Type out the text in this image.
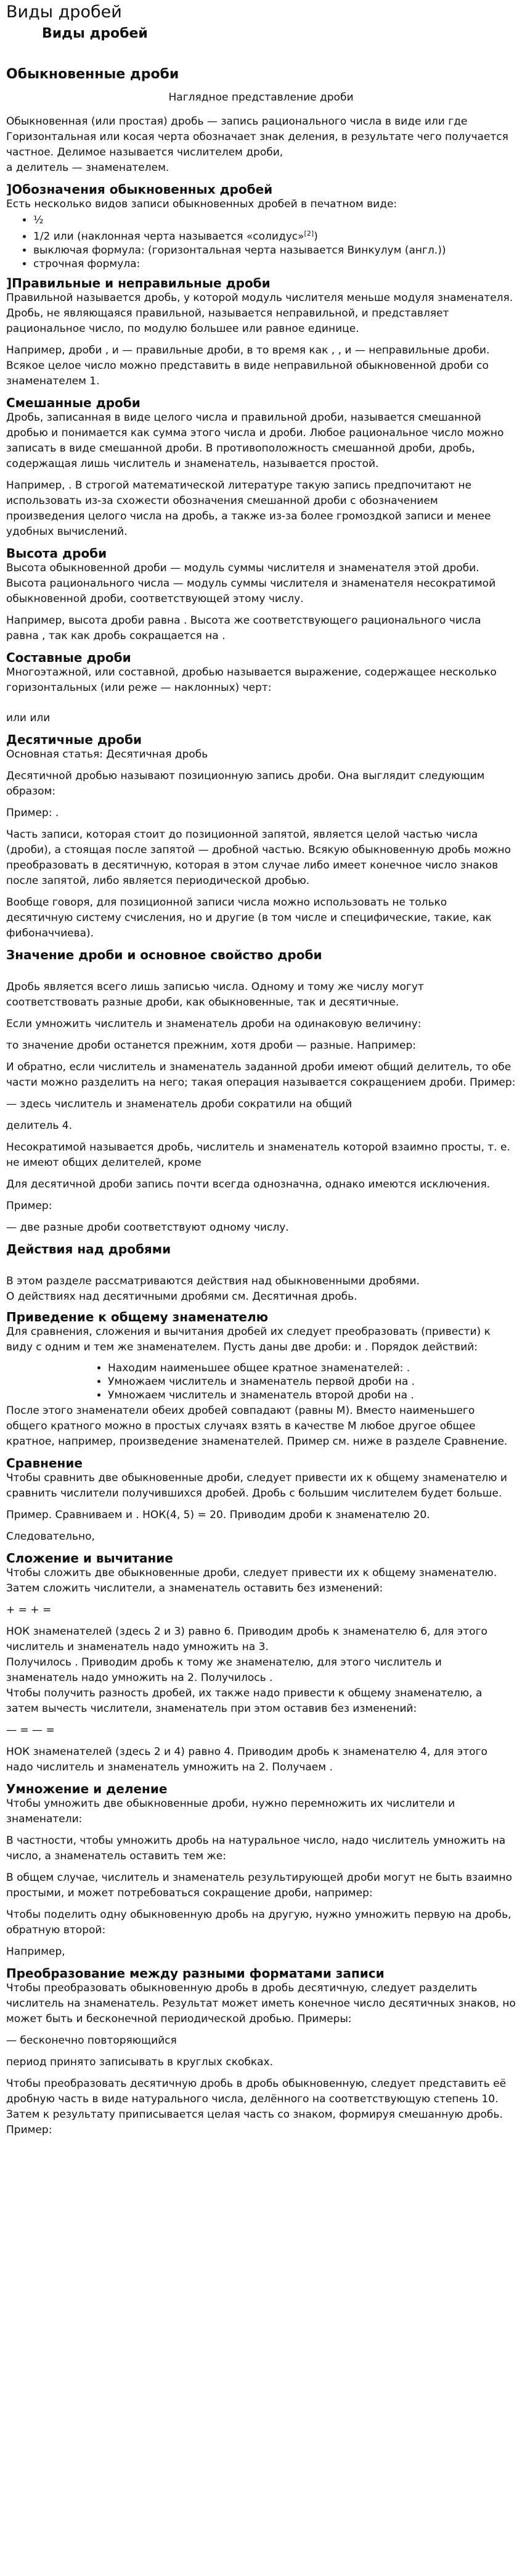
Виды дробей
Виды дробей
Обыкновенные дроби

Наглядное представление дроби

Обыкновенная (или простая) дробь — запись рационального числа в виде или где Горизонтальная или косая черта обозначает знак деления, в результате чего получается частное. Делимое называется числителем дроби,

а делитель — знаменателем.

]Обозначения обыкновенных дробей

Есть несколько видов записи обыкновенных дробей в печатном виде:

• ½
• 1/2 или (наклонная черта называется «солидус»[2])
• выключая формула: (горизонтальная черта называется Винкулум (англ.))
• строчная формула:
]Правильные и неправильные дроби

Правильной называется дробь, у которой модуль числителя меньше модуля знаменателя. Дробь, не являющаяся правильной, называется неправильной, и представляет рациональное число, по модулю большее или равное единице.

Например, дроби , и — правильные дроби, в то время как , , и — неправильные дроби. Всякое целое число можно представить в виде неправильной обыкновенной дроби со знаменателем 1.

Смешанные дроби

Дробь, записанная в виде целого числа и правильной дроби, называется смешанной дробью и понимается как сумма этого числа и дроби. Любое рациональное число можно записать в виде смешанной дроби. В противоположность смешанной дроби, дробь, содержащая лишь числитель и знаменатель, называется простой.

Например, . В строгой математической литературе такую запись предпочитают не использовать из-за схожести обозначения смешанной дроби с обозначением произведения целого числа на дробь, а также из-за более громоздкой записи и менее удобных вычислений.

Высота дроби

Высота обыкновенной дроби — модуль суммы числителя и знаменателя этой дроби. Высота рационального числа — модуль суммы числителя и знаменателя несократимой обыкновенной дроби, соответствующей этому числу.

Например, высота дроби равна . Высота же соответствующего рационального числа равна , так как дробь сокращается на .

Составные дроби

Многоэтажной, или составной, дробью называется выражение, содержащее несколько горизонтальных (или реже — наклонных) черт:

или или

Десятичные дроби

Основная статья: Десятичная дробь

Десятичной дробью называют позиционную запись дроби. Она выглядит следующим образом:

Пример: .

Часть записи, которая стоит до позиционной запятой, является целой частью числа (дроби), а стоящая после запятой — дробной частью. Всякую обыкновенную дробь можно преобразовать в десятичную, которая в этом случае либо имеет конечное число знаков после запятой, либо является периодической дробью.

Вообще говоря, для позиционной записи числа можно использовать не только десятичную систему счисления, но и другие (в том числе и специфические, такие, как фибоначчиева).

Значение дроби и основное свойство дроби

Дробь является всего лишь записью числа. Одному и тому же числу могут соответствовать разные дроби, как обыкновенные, так и десятичные.

Если умножить числитель и знаменатель дроби на одинаковую величину:

то значение дроби останется прежним, хотя дроби — разные. Например:

И обратно, если числитель и знаменатель заданной дроби имеют общий делитель, то обе части можно разделить на него; такая операция называется сокращением дроби. Пример:

— здесь числитель и знаменатель дроби сократили на общий

делитель 4.

Несократимой называется дробь, числитель и знаменатель которой взаимно просты, т. е. не имеют общих делителей, кроме

Для десятичной дроби запись почти всегда однозначна, однако имеются исключения.

Пример:

— две разные дроби соответствуют одному числу.

Действия над дробями

В этом разделе рассматриваются действия над обыкновенными дробями.

О действиях над десятичными дробями см. Десятичная дробь.

Приведение к общему знаменателю

Для сравнения, сложения и вычитания дробей их следует преобразовать (привести) к виду с одним и тем же знаменателем. Пусть даны две дроби: и . Порядок действий:

• Находим наименьшее общее кратное знаменателей: .
• Умножаем числитель и знаменатель первой дроби на .
• Умножаем числитель и знаменатель второй дроби на .

После этого знаменатели обеих дробей совпадают (равны M). Вместо наименьшего общего кратного можно в простых случаях взять в качестве M любое другое общее кратное, например, произведение знаменателей. Пример см. ниже в разделе Сравнение.

Сравнение

Чтобы сравнить две обыкновенные дроби, следует привести их к общему знаменателю и сравнить числители получившихся дробей. Дробь с большим числителем будет больше.

Пример. Сравниваем и . НОК(4, 5) = 20. Приводим дроби к знаменателю 20.

Следовательно,

Сложение и вычитание

Чтобы сложить две обыкновенные дроби, следует привести их к общему знаменателю. Затем сложить числители, а знаменатель оставить без изменений:

+ = + =

НОК знаменателей (здесь 2 и 3) равно 6. Приводим дробь к знаменателю 6, для этого числитель и знаменатель надо умножить на 3.

Получилось . Приводим дробь к тому же знаменателю, для этого числитель и знаменатель надо умножить на 2. Получилось .

Чтобы получить разность дробей, их также надо привести к общему знаменателю, а затем вычесть числители, знаменатель при этом оставив без изменений:

— = — =

НОК знаменателей (здесь 2 и 4) равно 4. Приводим дробь к знаменателю 4, для этого надо числитель и знаменатель умножить на 2. Получаем .

Умножение и деление

Чтобы умножить две обыкновенные дроби, нужно перемножить их числители и знаменатели:

В частности, чтобы умножить дробь на натуральное число, надо числитель умножить на число, а знаменатель оставить тем же:

В общем случае, числитель и знаменатель результирующей дроби могут не быть взаимно простыми, и может потребоваться сокращение дроби, например:

Чтобы поделить одну обыкновенную дробь на другую, нужно умножить первую на дробь, обратную второй:

Например,

Преобразование между разными форматами записи

Чтобы преобразовать обыкновенную дробь в дробь десятичную, следует разделить числитель на знаменатель. Результат может иметь конечное число десятичных знаков, но может быть и бесконечной периодической дробью. Примеры:

— бесконечно повторяющийся

период принято записывать в круглых скобках.

Чтобы преобразовать десятичную дробь в дробь обыкновенную, следует представить её дробную часть в виде натурального числа, делённого на соответствующую степень 10. Затем к результату приписывается целая часть со знаком, формируя смешанную дробь. Пример:
